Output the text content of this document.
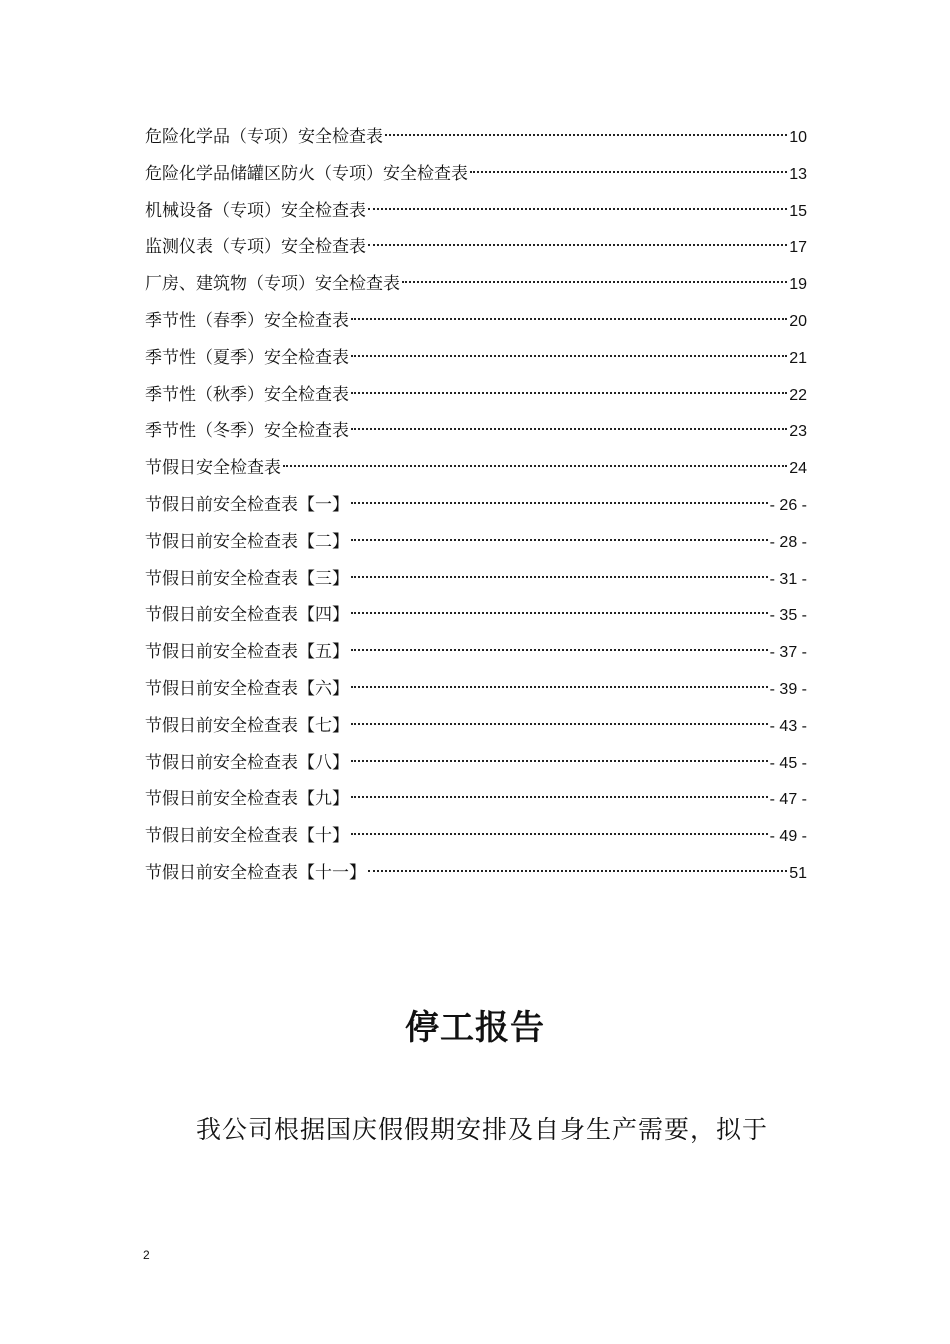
危险化学品（专项）安全检查表	10
危险化学品储罐区防火（专项）安全检查表	13
机械设备（专项）安全检查表	15
监测仪表（专项）安全检查表	17
厂房、建筑物（专项）安全检查表	19
季节性（春季）安全检查表	20
季节性（夏季）安全检查表	21
季节性（秋季）安全检查表	22
季节性（冬季）安全检查表	23
节假日安全检查表	24
节假日前安全检查表【一】	- 26 -
节假日前安全检查表【二】	- 28 -
节假日前安全检查表【三】	- 31 -
节假日前安全检查表【四】	- 35 -
节假日前安全检查表【五】	- 37 -
节假日前安全检查表【六】	- 39 -
节假日前安全检查表【七】	- 43 -
节假日前安全检查表【八】	- 45 -
节假日前安全检查表【九】	- 47 -
节假日前安全检查表【十】	- 49 -
节假日前安全检查表【十一】	51
停工报告
我公司根据国庆假假期安排及自身生产需要，拟于
2
